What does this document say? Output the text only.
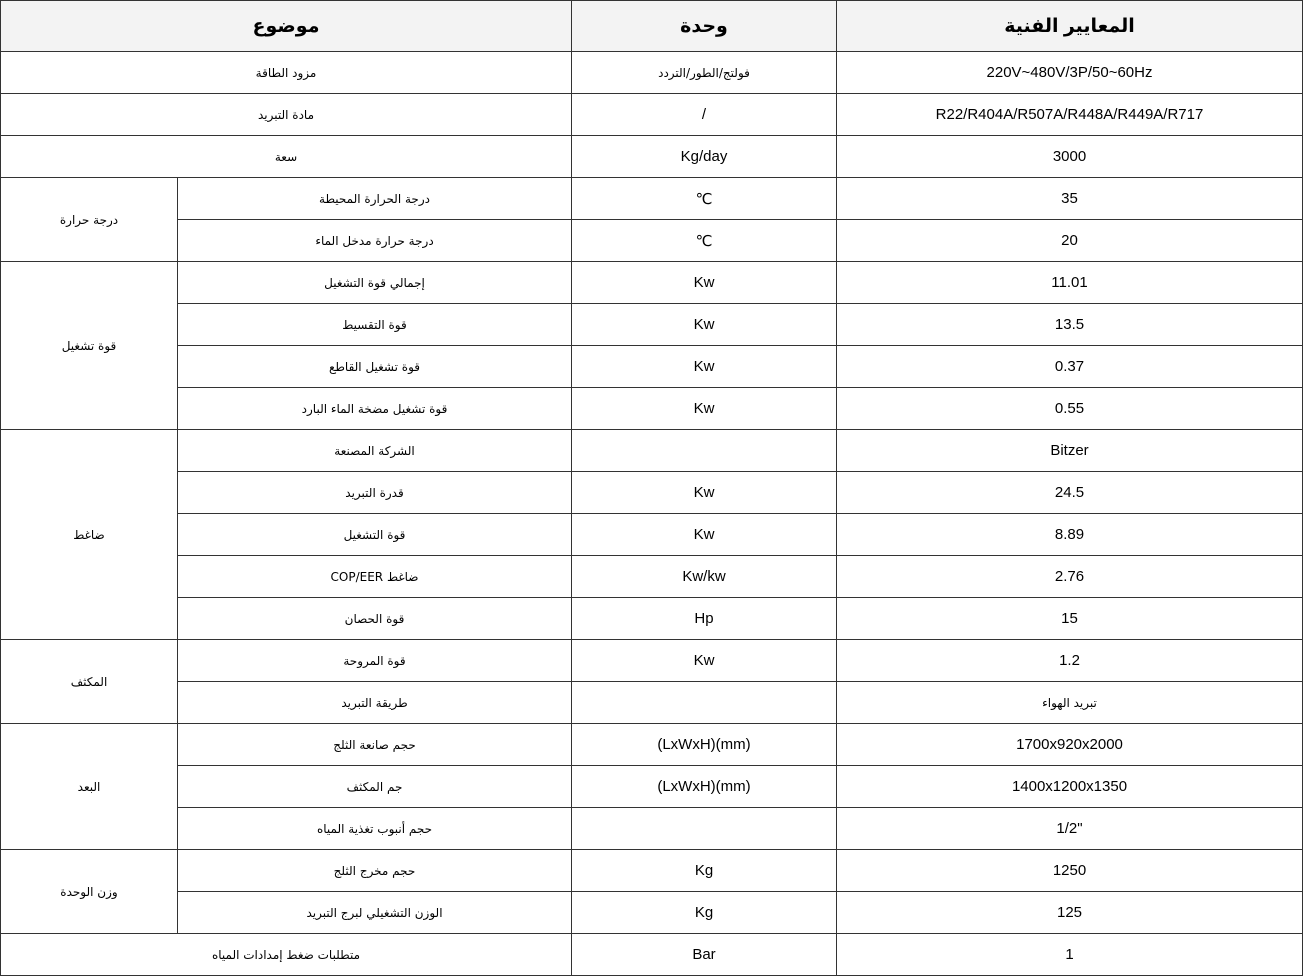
موضوع		وحدة	المعايير الفنية
مزود الطاقة		فولتج/الطور/التردد	220V~480V/3P/50~60Hz
مادة التبريد		/	R22/R404A/R507A/R448A/R449A/R717
سعة		Kg/day	3000
درجة حرارة	درجة الحرارة المحيطة	℃	35
	درجة حرارة مدخل الماء	℃	20
قوة تشغيل	إجمالي قوة التشغيل	Kw	11.01
	قوة التقسيط	Kw	13.5
	قوة تشغيل القاطع	Kw	0.37
	قوة تشغيل مضخة الماء البارد	Kw	0.55
ضاغط	الشركة المصنعة		Bitzer
	قدرة التبريد	Kw	24.5
	قوة التشغيل	Kw	8.89
	COP/EER ضاغط	Kw/kw	2.76
	قوة الحصان	Hp	15
المكثف	قوة المروحة	Kw	1.2
	طريقة التبريد		تبريد الهواء
البعد	حجم صانعة الثلج	(LxWxH)(mm)	1700x920x2000
	جم المكثف	(LxWxH)(mm)	1400x1200x1350
	حجم أنبوب تغذية المياه		1/2"
وزن الوحدة	حجم مخرج الثلج	Kg	1250
	الوزن التشغيلي لبرج التبريد	Kg	125
متطلبات ضغط إمدادات المياه		Bar	1
